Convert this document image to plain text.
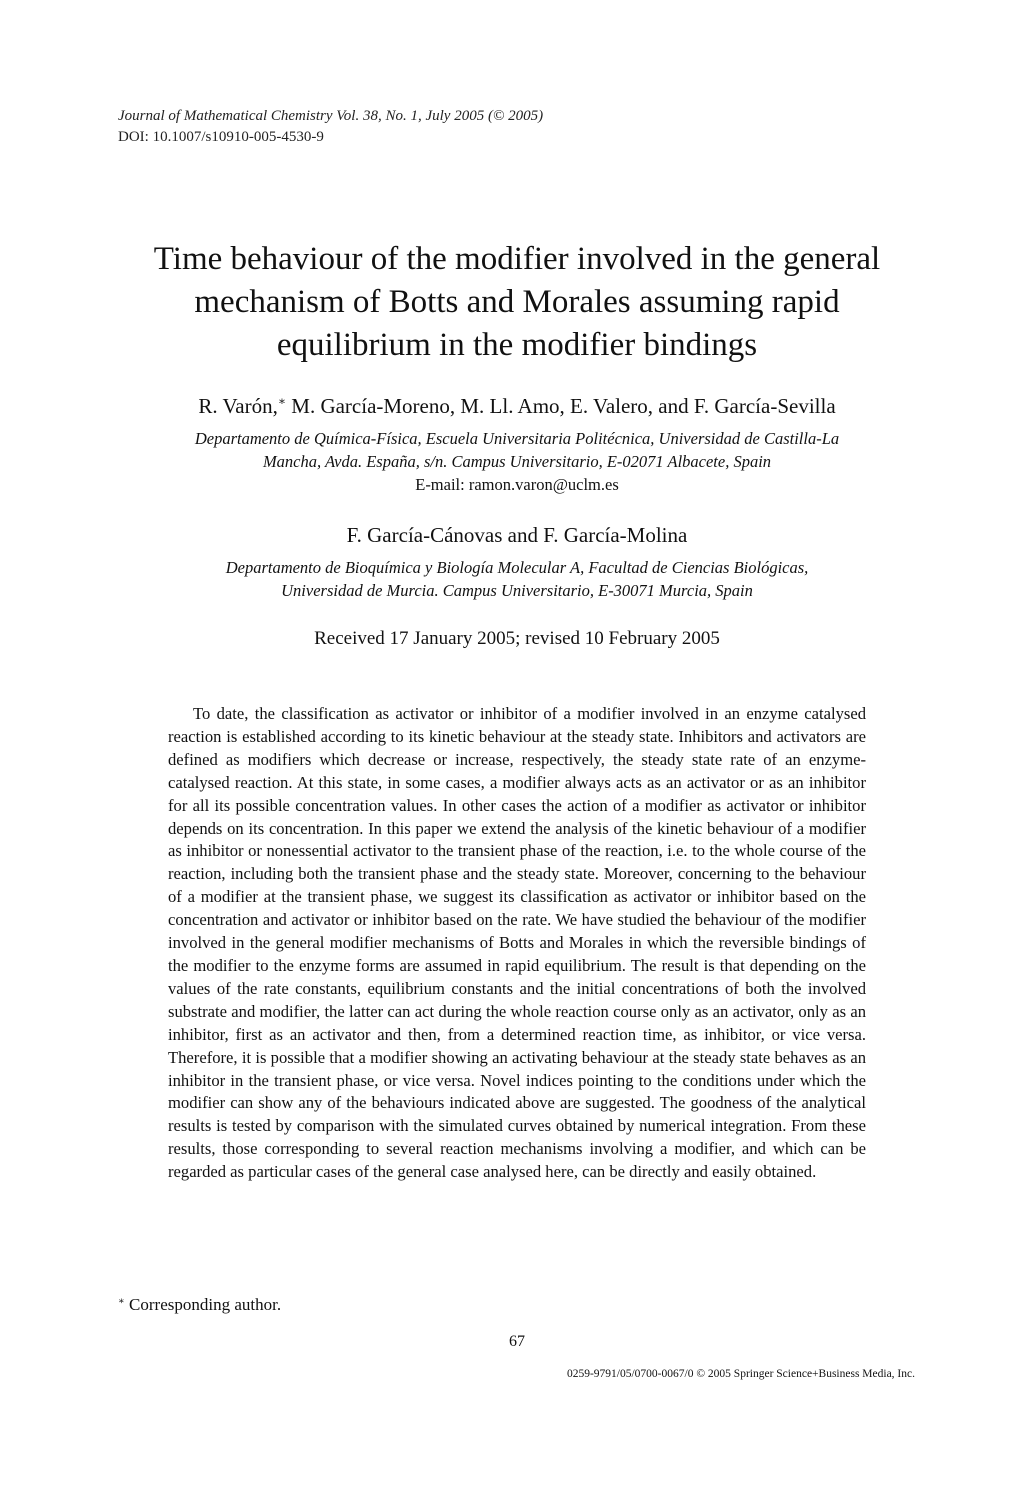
Journal of Mathematical Chemistry Vol. 38, No. 1, July 2005 (© 2005)
DOI: 10.1007/s10910-005-4530-9
Time behaviour of the modifier involved in the general
mechanism of Botts and Morales assuming rapid
equilibrium in the modifier bindings
R. Varón,∗ M. García-Moreno, M. Ll. Amo, E. Valero, and F. García-Sevilla
Departamento de Química-Física, Escuela Universitaria Politécnica, Universidad de Castilla-La
Mancha, Avda. España, s/n. Campus Universitario, E-02071 Albacete, Spain
E-mail: ramon.varon@uclm.es
F. García-Cánovas and F. García-Molina
Departamento de Bioquímica y Biología Molecular A, Facultad de Ciencias Biológicas,
Universidad de Murcia. Campus Universitario, E-30071 Murcia, Spain
Received 17 January 2005; revised 10 February 2005

To date, the classification as activator or inhibitor of a modifier involved in an enzyme catalysed reaction is established according to its kinetic behaviour at the steady state. Inhibitors and activators are defined as modifiers which decrease or increase, respectively, the steady state rate of an enzyme-catalysed reaction. At this state, in some cases, a modifier always acts as an activator or as an inhibitor for all its possible concentration values. In other cases the action of a modifier as activator or inhibitor depends on its concentration. In this paper we extend the analysis of the kinetic behaviour of a modifier as inhibitor or nonessential activator to the transient phase of the reaction, i.e. to the whole course of the reaction, including both the transient phase and the steady state. Moreover, concerning to the behaviour of a modifier at the transient phase, we suggest its classification as activator or inhibitor based on the concentration and activator or inhibitor based on the rate. We have studied the behaviour of the modifier involved in the general modifier mechanisms of Botts and Morales in which the reversible bindings of the modifier to the enzyme forms are assumed in rapid equilibrium. The result is that depending on the values of the rate constants, equilibrium constants and the initial concentrations of both the involved substrate and modifier, the latter can act during the whole reaction course only as an activator, only as an inhibitor, first as an activator and then, from a determined reaction time, as inhibitor, or vice versa. Therefore, it is possible that a modifier showing an activating behaviour at the steady state behaves as an inhibitor in the transient phase, or vice versa. Novel indices pointing to the conditions under which the modifier can show any of the behaviours indicated above are suggested. The goodness of the analytical results is tested by comparison with the simulated curves obtained by numerical integration. From these results, those corresponding to several reaction mechanisms involving a modifier, and which can be regarded as particular cases of the general case analysed here, can be directly and easily obtained.

∗ Corresponding author.
67
0259-9791/05/0700-0067/0 © 2005 Springer Science+Business Media, Inc.
